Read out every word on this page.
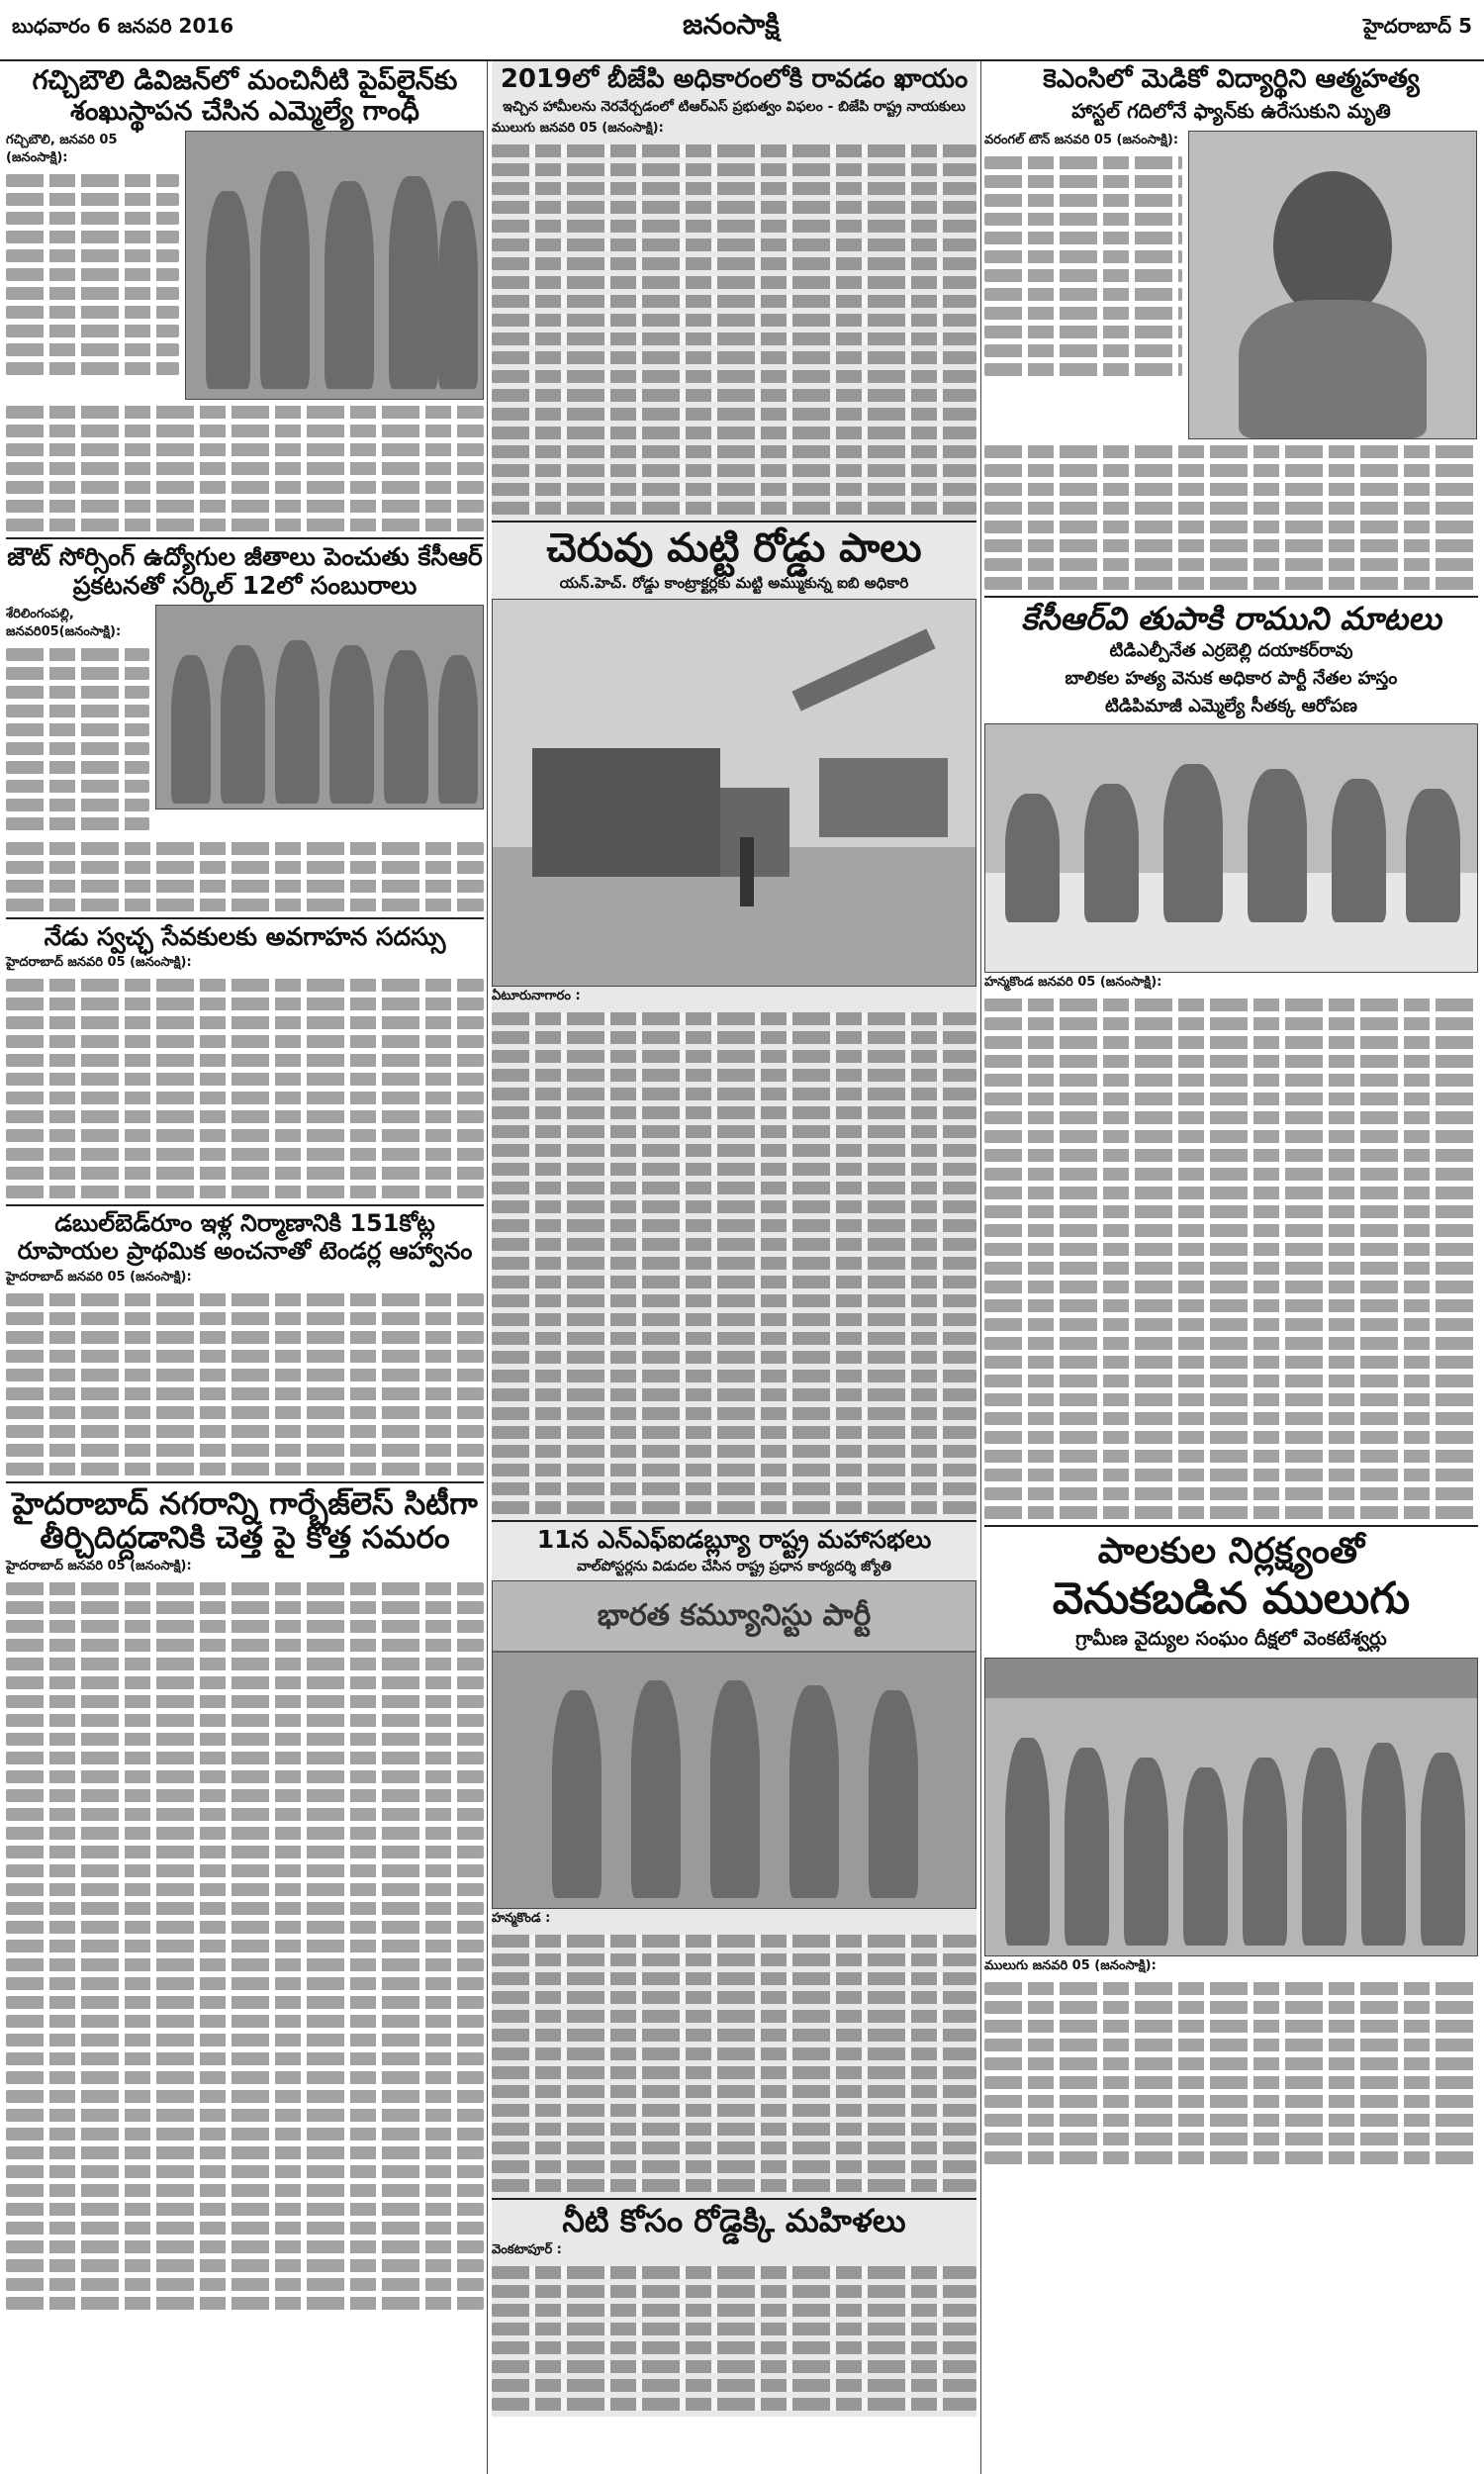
బుధవారం 6 జనవరి 2016	జనంసాక్షి	హైదరాబాద్ 5
గచ్చిబౌలి డివిజన్‌లో మంచినీటి పైప్‌లైన్‌కు శంఖుస్థాపన చేసిన ఎమ్మెల్యే గాంధీ
గచ్చిబౌలి, జనవరి 05 (జనంసాక్షి):
జౌట్‌ సోర్సింగ్‌ ఉద్యోగుల జీతాలు పెంచుతు కేసీఆర్‌ ప్రకటనతో సర్కిల్‌ 12లో సంబురాలు
శేరిలింగంపల్లి, జనవరి05(జనంసాక్షి):
నేడు స్వచ్ఛ సేవకులకు అవగాహన సదస్సు
హైదరాబాద్‌ జనవరి 05 (జనంసాక్షి):
డబుల్‌బెడ్‌రూం ఇళ్ల నిర్మాణానికి 151కోట్ల రూపాయల ప్రాథమిక అంచనాతో టెండర్ల ఆహ్వానం
హైదరాబాద్‌ జనవరి 05 (జనంసాక్షి):
హైదరాబాద్‌ నగరాన్ని గార్బేజ్‌లెస్‌ సిటీగా తీర్చిదిద్దడానికి చెత్త పై కొత్త సమరం
హైదరాబాద్‌ జనవరి 05 (జనంసాక్షి):
2019లో బీజేపి అధికారంలోకి రావడం ఖాయం
ఇచ్చిన హామీలను నెరవేర్చడంలో టిఆర్‌ఎస్‌ ప్రభుత్వం విఫలం - బిజేపి రాష్ట్ర నాయకులు
ములుగు జనవరి 05 (జనంసాక్షి):
చెరువు మట్టి రోడ్డు పాలు
యన్‌.హెచ్‌. రోడ్డు కాంట్రాక్టర్లకు మట్టి అమ్ముకున్న ఐబి అధికారి
ఏటూరునాగారం :
11న ఎన్‌ఎఫ్‌ఐడబ్ల్యూ రాష్ట్ర మహాసభలు
వాల్‌పోస్టర్లను విడుదల చేసిన రాష్ట్ర ప్రధాన కార్యదర్శి జ్యోతి
భారత కమ్యూనిస్టు పార్టీ
హన్మకొండ :
నీటి కోసం రోడ్డెక్కి మహిళలు
వెంకటాపూర్‌ :
కెఎంసిలో మెడికో విద్యార్థిని ఆత్మహత్య
హాస్టల్‌ గదిలోనే ఫ్యాన్‌కు ఉరేసుకుని మృతి
వరంగల్‌ టౌన్‌ జనవరి 05 (జనంసాక్షి):
కేసీఆర్‌వి తుపాకి రాముని మాటలు
టిడిఎల్పీనేత ఎర్రబెల్లి దయాకర్‌రావు
బాలికల హత్య వెనుక అధికార పార్టీ నేతల హస్తం
టిడిపిమాజీ ఎమ్మెల్యే సీతక్క ఆరోపణ
హన్మకొండ జనవరి 05 (జనంసాక్షి):
పాలకుల నిర్లక్ష్యంతో
వెనుకబడిన ములుగు
గ్రామీణ వైద్యుల సంఘం దీక్షలో వెంకటేశ్వర్లు
ములుగు జనవరి 05 (జనంసాక్షి):
